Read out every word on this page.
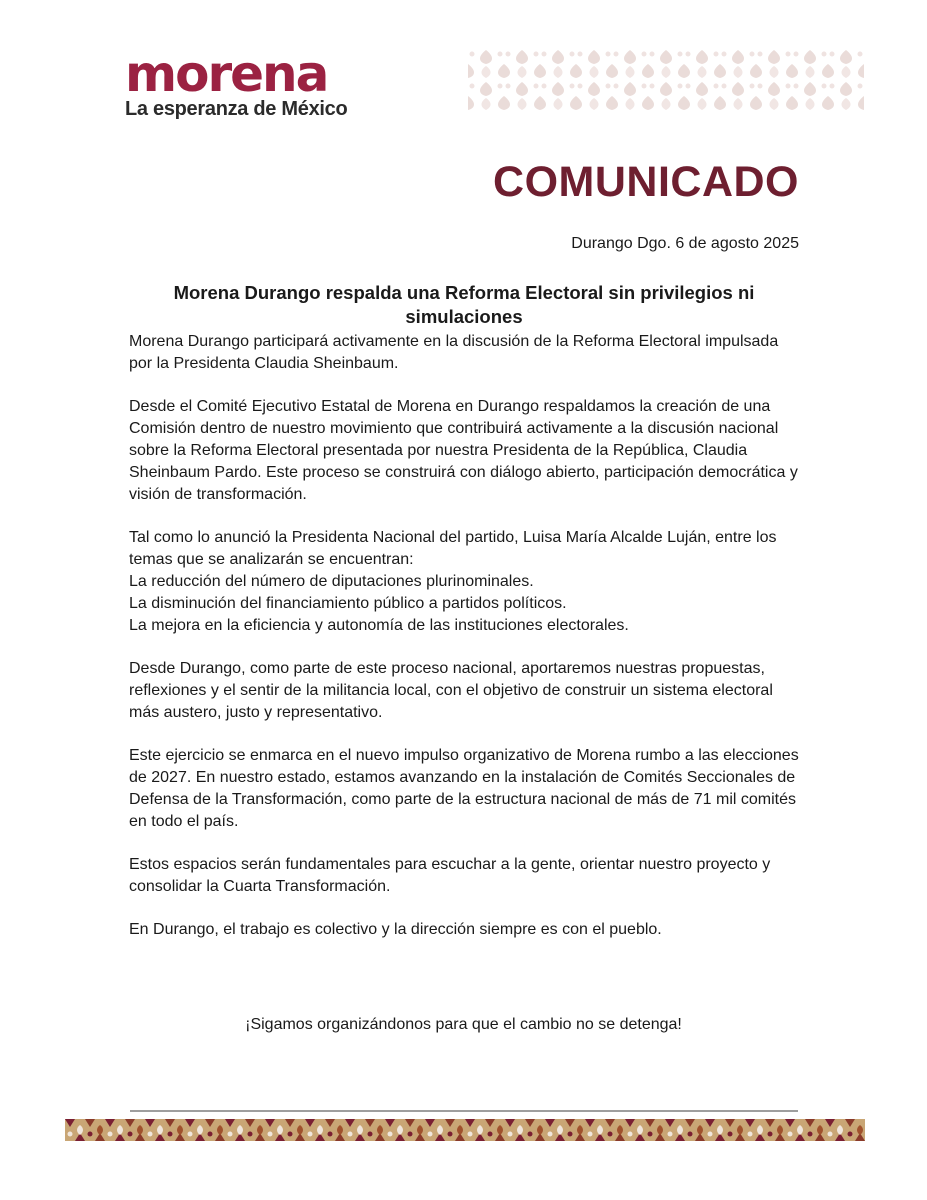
morena
La esperanza de México
COMUNICADO
Durango Dgo. 6 de agosto 2025
Morena Durango respalda una Reforma Electoral sin privilegios ni simulaciones

Morena Durango participará activamente en la discusión de la Reforma Electoral impulsada por la Presidenta Claudia Sheinbaum.

Desde el Comité Ejecutivo Estatal de Morena en Durango respaldamos la creación de una Comisión dentro de nuestro movimiento que contribuirá activamente a la discusión nacional sobre la Reforma Electoral presentada por nuestra Presidenta de la República, Claudia Sheinbaum Pardo. Este proceso se construirá con diálogo abierto, participación democrática y visión de transformación.

Tal como lo anunció la Presidenta Nacional del partido, Luisa María Alcalde Luján, entre los temas que se analizarán se encuentran:
La reducción del número de diputaciones plurinominales.
La disminución del financiamiento público a partidos políticos.
La mejora en la eficiencia y autonomía de las instituciones electorales.

Desde Durango, como parte de este proceso nacional, aportaremos nuestras propuestas, reflexiones y el sentir de la militancia local, con el objetivo de construir un sistema electoral más austero, justo y representativo.

Este ejercicio se enmarca en el nuevo impulso organizativo de Morena rumbo a las elecciones de 2027. En nuestro estado, estamos avanzando en la instalación de Comités Seccionales de Defensa de la Transformación, como parte de la estructura nacional de más de 71 mil comités en todo el país.

Estos espacios serán fundamentales para escuchar a la gente, orientar nuestro proyecto y consolidar la Cuarta Transformación.

En Durango, el trabajo es colectivo y la dirección siempre es con el pueblo.

¡Sigamos organizándonos para que el cambio no se detenga!
